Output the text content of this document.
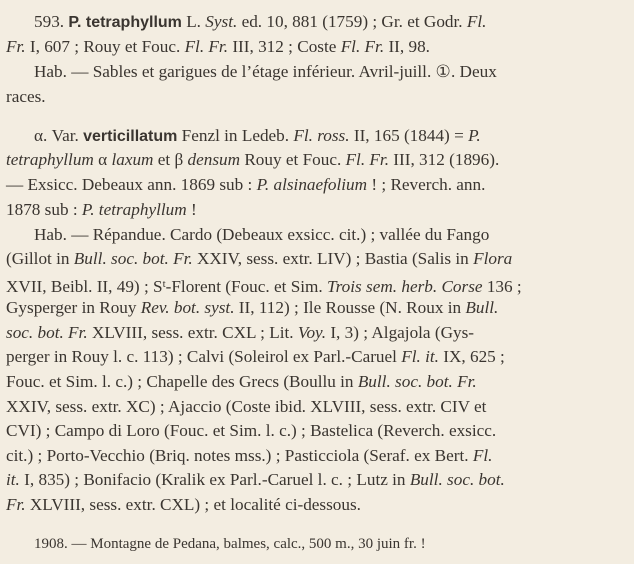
593. P. tetraphyllum L. Syst. ed. 10, 881 (1759) ; Gr. et Godr. Fl.
Fr. I, 607 ; Rouy et Fouc. Fl. Fr. III, 312 ; Coste Fl. Fr. II, 98.
Hab. — Sables et garigues de l’étage inférieur. Avril-juill. ①. Deux
races.
α. Var. verticillatum Fenzl in Ledeb. Fl. ross. II, 165 (1844) = P.
tetraphyllum α laxum et β densum Rouy et Fouc. Fl. Fr. III, 312 (1896).
— Exsicc. Debeaux ann. 1869 sub : P. alsinaefolium ! ; Reverch. ann.
1878 sub : P. tetraphyllum !
Hab. — Répandue. Cardo (Debeaux exsicc. cit.) ; vallée du Fango
(Gillot in Bull. soc. bot. Fr. XXIV, sess. extr. LIV) ; Bastia (Salis in Flora
XVII, Beibl. II, 49) ; $S^t$-Florent (Fouc. et Sim. Trois sem. herb. Corse 136 ;
Gysperger in Rouy Rev. bot. syst. II, 112) ; Ile Rousse (N. Roux in Bull.
soc. bot. Fr. XLVIII, sess. extr. CXL ; Lit. Voy. I, 3) ; Algajola (Gys-
perger in Rouy l. c. 113) ; Calvi (Soleirol ex Parl.-Caruel Fl. it. IX, 625 ;
Fouc. et Sim. l. c.) ; Chapelle des Grecs (Boullu in Bull. soc. bot. Fr.
XXIV, sess. extr. XC) ; Ajaccio (Coste ibid. XLVIII, sess. extr. CIV et
CVI) ; Campo di Loro (Fouc. et Sim. l. c.) ; Bastelica (Reverch. exsicc.
cit.) ; Porto-Vecchio (Briq. notes mss.) ; Pasticciola (Seraf. ex Bert. Fl.
it. I, 835) ; Bonifacio (Kralik ex Parl.-Caruel l. c. ; Lutz in Bull. soc. bot.
Fr. XLVIII, sess. extr. CXL) ; et localité ci-dessous.
1908. — Montagne de Pedana, balmes, calc., 500 m., 30 juin fr. !
